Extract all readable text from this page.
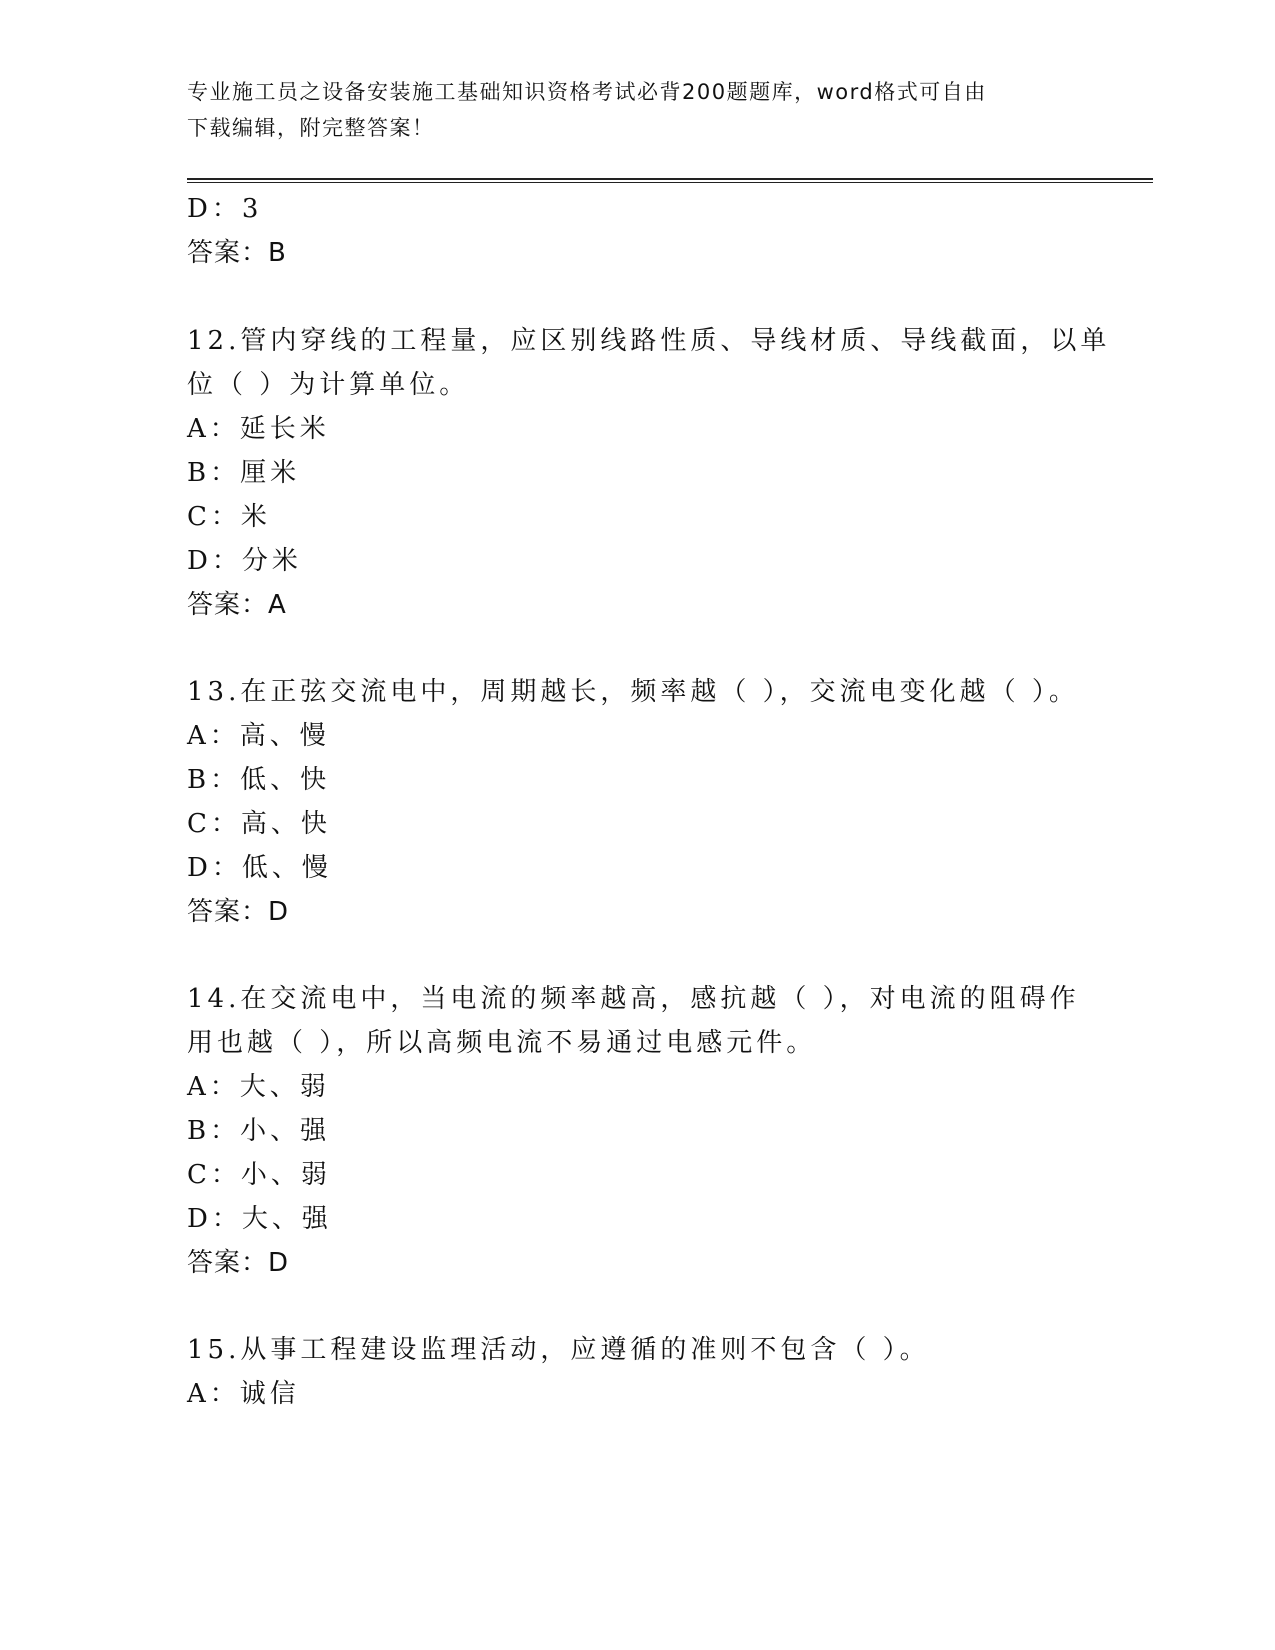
专业施工员之设备安装施工基础知识资格考试必背200题题库，word格式可自由
下载编辑，附完整答案！
D：3
答案：B
12.管内穿线的工程量，应区别线路性质、导线材质、导线截面，以单
位（ ）为计算单位。
A：延长米
B：厘米
C：米
D：分米
答案：A
13.在正弦交流电中，周期越长，频率越（ ），交流电变化越（ ）。
A：高、慢
B：低、快
C：高、快
D：低、慢
答案：D
14.在交流电中，当电流的频率越高，感抗越（ ），对电流的阻碍作
用也越（ ），所以高频电流不易通过电感元件。
A：大、弱
B：小、强
C：小、弱
D：大、强
答案：D
15.从事工程建设监理活动，应遵循的准则不包含（ ）。
A：诚信
